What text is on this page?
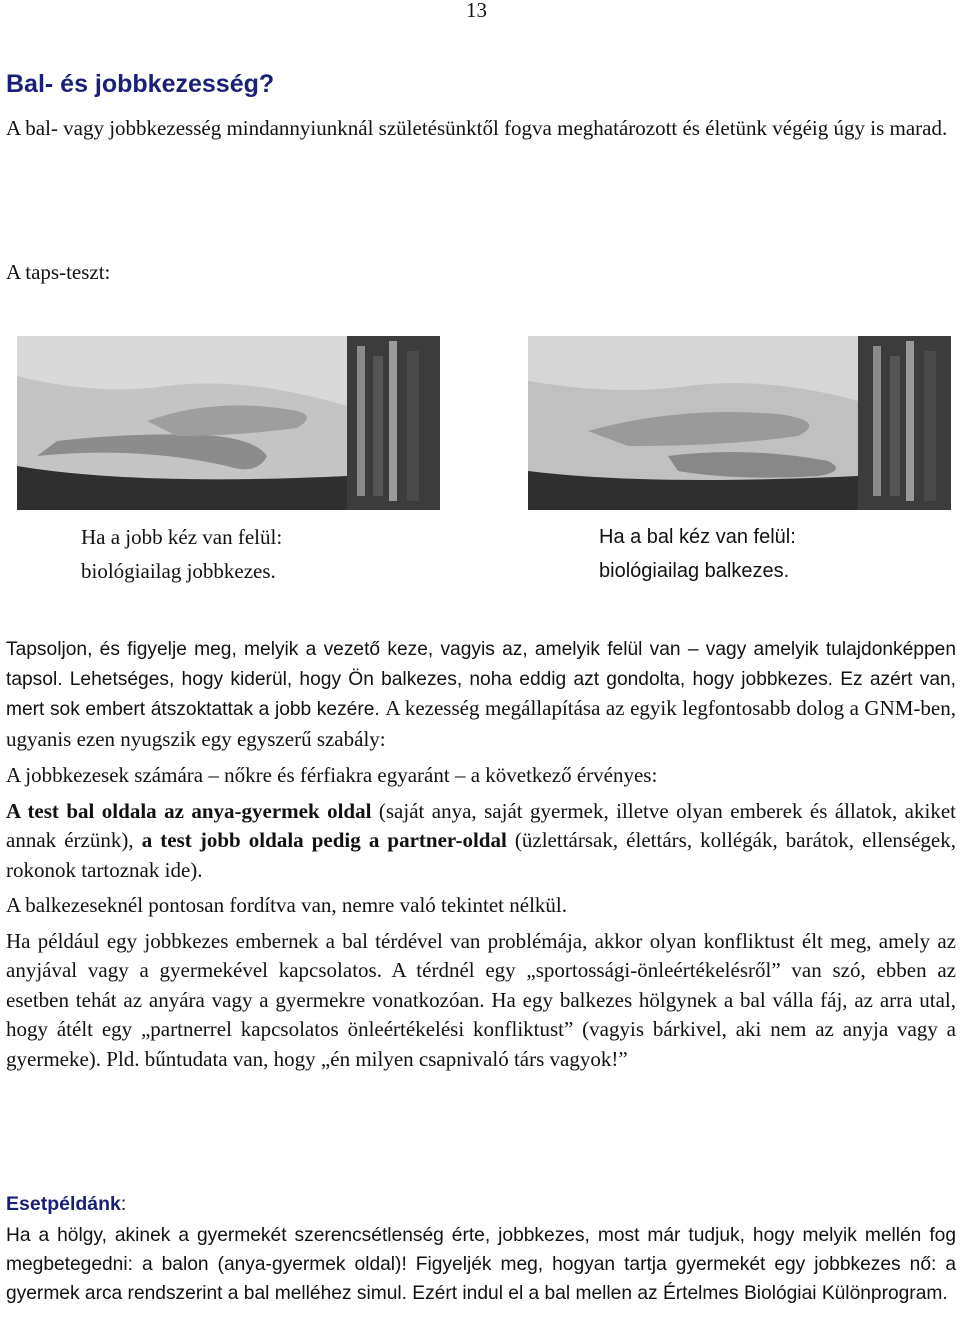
13
Bal- és jobbkezesség?
A bal- vagy jobbkezesség mindannyiunknál születésünktől fogva meghatározott és életünk végéig úgy is marad.
A taps-teszt:
Ha a jobb kéz van felül:
biológiailag jobbkezes.
Ha a bal kéz van felül:
biológiailag balkezes.

Tapsoljon, és figyelje meg, melyik a vezető keze, vagyis az, amelyik felül van – vagy amelyik tulajdonképpen tapsol. Lehetséges, hogy kiderül, hogy Ön balkezes, noha eddig azt gondolta, hogy jobbkezes. Ez azért van, mert sok embert átszoktattak a jobb kezére. A kezesség megállapítása az egyik legfontosabb dolog a GNM-ben, ugyanis ezen nyugszik egy egyszerű szabály:

A jobbkezesek számára – nőkre és férfiakra egyaránt – a következő érvényes:

A test bal oldala az anya-gyermek oldal (saját anya, saját gyermek, illetve olyan emberek és állatok, akiket annak érzünk), a test jobb oldala pedig a partner-oldal (üzlettársak, élettárs, kollégák, barátok, ellenségek, rokonok tartoznak ide).

A balkezeseknél pontosan fordítva van, nemre való tekintet nélkül.

Ha például egy jobbkezes embernek a bal térdével van problémája, akkor olyan konfliktust élt meg, amely az anyjával vagy a gyermekével kapcsolatos. A térdnél egy „sportossági-önleértékelésről” van szó, ebben az esetben tehát az anyára vagy a gyermekre vonatkozóan. Ha egy balkezes hölgynek a bal válla fáj, az arra utal, hogy átélt egy „partnerrel kapcsolatos önleértékelési konfliktust” (vagyis bárkivel, aki nem az anyja vagy a gyermeke). Pld. bűntudata van, hogy „én milyen csapnivaló társ vagyok!”

Esetpéldánk:
Ha a hölgy, akinek a gyermekét szerencsétlenség érte, jobbkezes, most már tudjuk, hogy melyik mellén fog megbetegedni: a balon (anya-gyermek oldal)! Figyeljék meg, hogyan tartja gyermekét egy jobbkezes nő: a gyermek arca rendszerint a bal melléhez simul. Ezért indul el a bal mellen az Értelmes Biológiai Különprogram.
